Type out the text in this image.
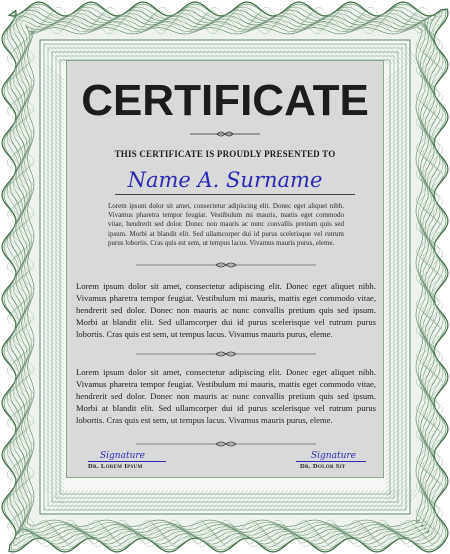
CERTIFICATE
THIS CERTIFICATE IS PROUDLY PRESENTED TO
Name A. Surname
Lorem ipsum dolor sit amet, consectetur adipiscing elit. Donec eget aliquet nibh. Vivamus pharetra tempor feugiat. Vestibulum mi mauris, mattis eget commodo vitae, hendrerit sed dolor. Donec non mauris ac nunc convallis pretium quis sed ipsum. Morbi at blandit elit. Sed ullamcorper dui id purus scelerisque vel rutrum purus lobortis. Cras quis est sem, ut tempus lacus. Vivamus mauris purus, eleme.
Lorem ipsum dolor sit amet, consectetur adipiscing elit. Donec eget aliquet nibh. Vivamus pharetra tempor feugiat. Vestibulum mi mauris, mattis eget commodo vitae, hendrerit sed dolor. Donec non mauris ac nunc convallis pretium quis sed ipsum. Morbi at blandit elit. Sed ullamcorper dui id purus scelerisque vel rutrum purus lobortis. Cras quis est sem, ut tempus lacus. Vivamus mauris purus, eleme.
Lorem ipsum dolor sit amet, consectetur adipiscing elit. Donec eget aliquet nibh. Vivamus pharetra tempor feugiat. Vestibulum mi mauris, mattis eget commodo vitae, hendrerit sed dolor. Donec non mauris ac nunc convallis pretium quis sed ipsum. Morbi at blandit elit. Sed ullamcorper dui id purus scelerisque vel rutrum purus lobortis. Cras quis est sem, ut tempus lacus. Vivamus mauris purus, eleme.
Signature
Dr. Lorem Ipsum
Signature
Dr. Dolor Sit
